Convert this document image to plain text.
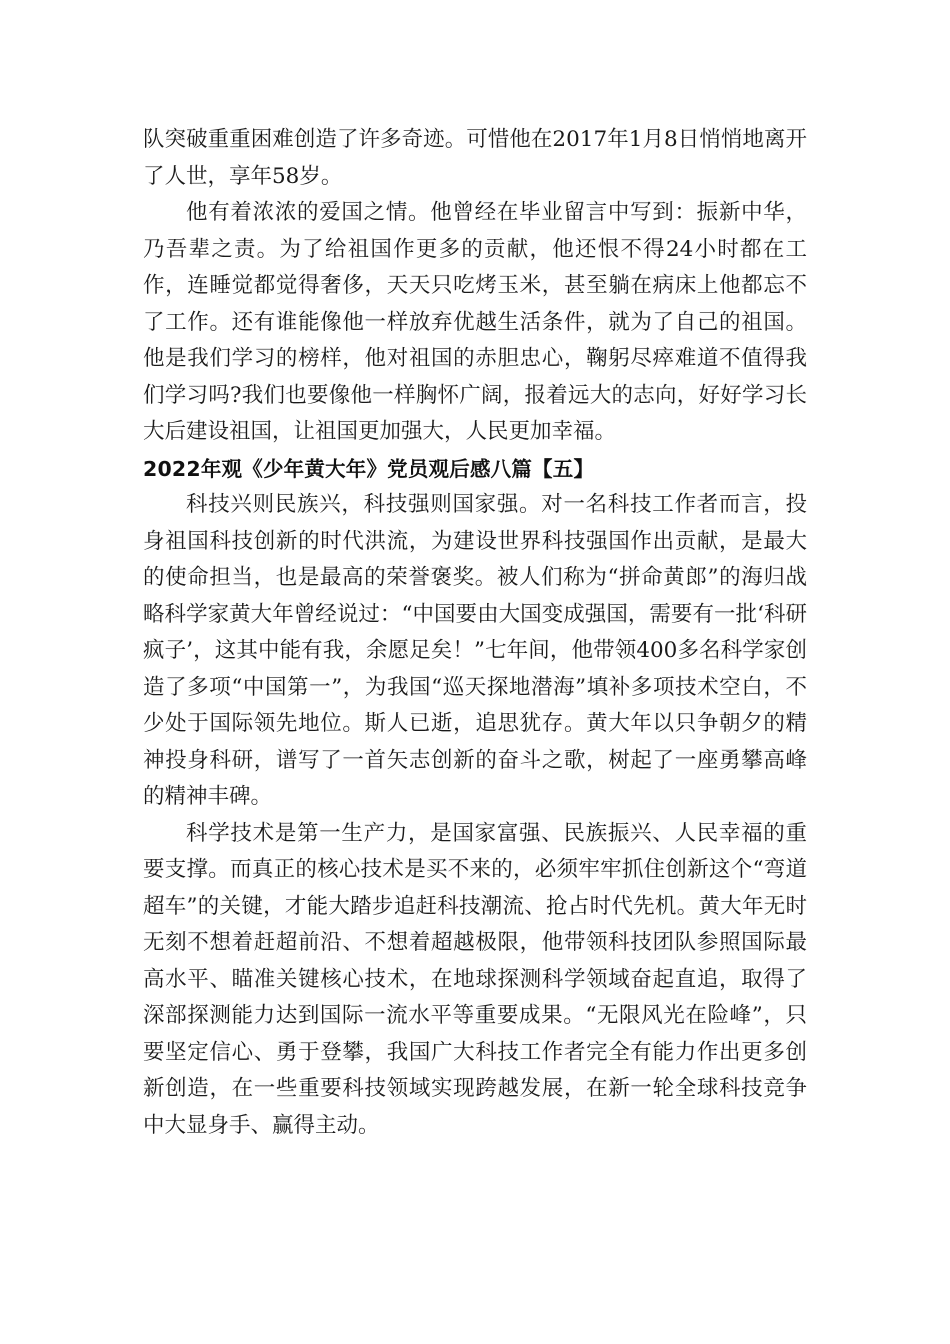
队突破重重困难创造了许多奇迹。可惜他在2017年1月8日悄悄地离开了人世，享年58岁。

他有着浓浓的爱国之情。他曾经在毕业留言中写到：振新中华，乃吾辈之责。为了给祖国作更多的贡献，他还恨不得24小时都在工作，连睡觉都觉得奢侈，天天只吃烤玉米，甚至躺在病床上他都忘不了工作。还有谁能像他一样放弃优越生活条件，就为了自己的祖国。他是我们学习的榜样，他对祖国的赤胆忠心，鞠躬尽瘁难道不值得我们学习吗?我们也要像他一样胸怀广阔，报着远大的志向，好好学习长大后建设祖国，让祖国更加强大，人民更加幸福。

2022年观《少年黄大年》党员观后感八篇【五】

科技兴则民族兴，科技强则国家强。对一名科技工作者而言，投身祖国科技创新的时代洪流，为建设世界科技强国作出贡献，是最大的使命担当，也是最高的荣誉褒奖。被人们称为“拼命黄郎”的海归战略科学家黄大年曾经说过：“中国要由大国变成强国，需要有一批‘科研疯子’，这其中能有我，余愿足矣！”七年间，他带领400多名科学家创造了多项“中国第一”，为我国“巡天探地潜海”填补多项技术空白，不少处于国际领先地位。斯人已逝，追思犹存。黄大年以只争朝夕的精神投身科研，谱写了一首矢志创新的奋斗之歌，树起了一座勇攀高峰的精神丰碑。

科学技术是第一生产力，是国家富强、民族振兴、人民幸福的重要支撑。而真正的核心技术是买不来的，必须牢牢抓住创新这个“弯道超车”的关键，才能大踏步追赶科技潮流、抢占时代先机。黄大年无时无刻不想着赶超前沿、不想着超越极限，他带领科技团队参照国际最高水平、瞄准关键核心技术，在地球探测科学领域奋起直追，取得了深部探测能力达到国际一流水平等重要成果。“无限风光在险峰”，只要坚定信心、勇于登攀，我国广大科技工作者完全有能力作出更多创新创造，在一些重要科技领域实现跨越发展，在新一轮全球科技竞争中大显身手、赢得主动。
